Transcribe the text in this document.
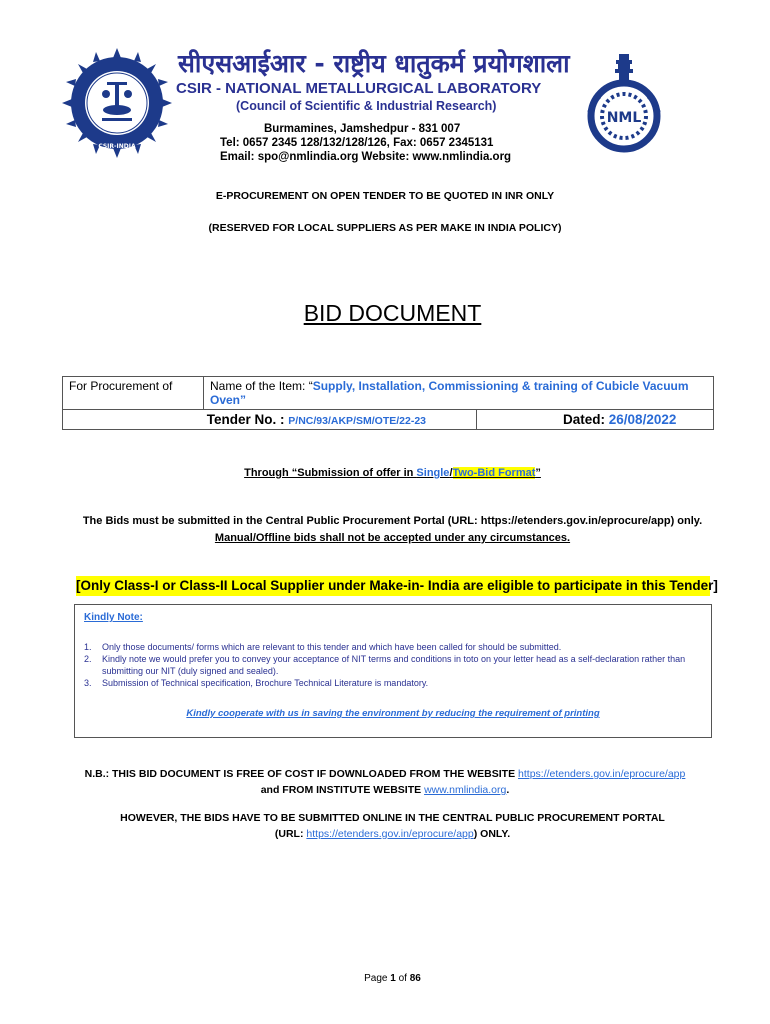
CSIR-INDIA
NML
सीएसआईआर - राष्ट्रीय धातुकर्म प्रयोगशाला
CSIR - NATIONAL METALLURGICAL LABORATORY
(Council of Scientific & Industrial Research)
Burmamines, Jamshedpur - 831 007
Tel: 0657 2345 128/132/128/126, Fax: 0657 2345131
Email: spo@nmlindia.org Website: www.nmlindia.org
E-PROCUREMENT ON OPEN TENDER TO BE QUOTED IN INR ONLY
(RESERVED FOR LOCAL SUPPLIERS AS PER MAKE IN INDIA POLICY)
BID DOCUMENT
For Procurement of	Name of the Item: “Supply, Installation, Commissioning & training of Cubicle Vacuum Oven”	
Tender No. : P/NC/93/AKP/SM/OTE/22-23		Dated: 26/08/2022
Through “Submission of offer in Single/Two-Bid Format”
The Bids must be submitted in the Central Public Procurement Portal (URL: https://etenders.gov.in/eprocure/app) only.
Manual/Offline bids shall not be accepted under any circumstances.
[Only Class-I or Class-II Local Supplier under Make-in- India are eligible to participate in this Tender]
Kindly Note:
1. Only those documents/ forms which are relevant to this tender and which have been called for should be submitted.
2. Kindly note we would prefer you to convey your acceptance of NIT terms and conditions in toto on your letter head as a self-declaration rather than submitting our NIT (duly signed and sealed).
3. Submission of Technical specification, Brochure Technical Literature is mandatory.
Kindly cooperate with us in saving the environment by reducing the requirement of printing
N.B.: THIS BID DOCUMENT IS FREE OF COST IF DOWNLOADED FROM THE WEBSITE https://etenders.gov.in/eprocure/app
and FROM INSTITUTE WEBSITE www.nmlindia.org.
HOWEVER, THE BIDS HAVE TO BE SUBMITTED ONLINE IN THE CENTRAL PUBLIC PROCUREMENT PORTAL
(URL: https://etenders.gov.in/eprocure/app) ONLY.
Page 1 of 86
